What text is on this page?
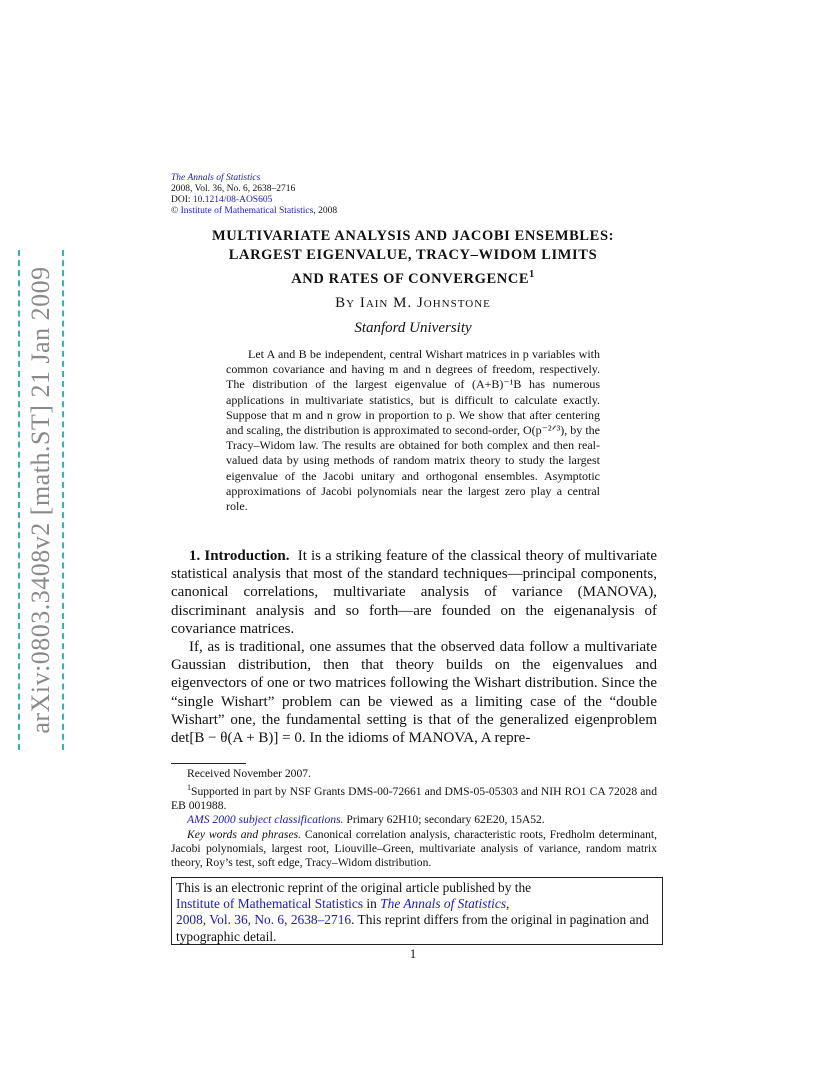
arXiv:0803.3408v2 [math.ST] 21 Jan 2009
The Annals of Statistics
2008, Vol. 36, No. 6, 2638–2716
DOI: 10.1214/08-AOS605
© Institute of Mathematical Statistics, 2008
MULTIVARIATE ANALYSIS AND JACOBI ENSEMBLES:
LARGEST EIGENVALUE, TRACY–WIDOM LIMITS
AND RATES OF CONVERGENCE$^1$
By Iain M. Johnstone
Stanford University
Let A and B be independent, central Wishart matrices in p variables with common covariance and having m and n degrees of freedom, respectively. The distribution of the largest eigenvalue of (A+B)⁻¹B has numerous applications in multivariate statistics, but is difficult to calculate exactly. Suppose that m and n grow in proportion to p. We show that after centering and scaling, the distribution is approximated to second-order, O(p⁻²ᐟ³), by the Tracy–Widom law. The results are obtained for both complex and then real-valued data by using methods of random matrix theory to study the largest eigenvalue of the Jacobi unitary and orthogonal ensembles. Asymptotic approximations of Jacobi polynomials near the largest zero play a central role.

1. Introduction. It is a striking feature of the classical theory of multivariate statistical analysis that most of the standard techniques—principal components, canonical correlations, multivariate analysis of variance (MANOVA), discriminant analysis and so forth—are founded on the eigenanalysis of covariance matrices.

If, as is traditional, one assumes that the observed data follow a multivariate Gaussian distribution, then that theory builds on the eigenvalues and eigenvectors of one or two matrices following the Wishart distribution. Since the “single Wishart” problem can be viewed as a limiting case of the “double Wishart” one, the fundamental setting is that of the generalized eigenproblem det[B − θ(A + B)] = 0. In the idioms of MANOVA, A repre-

Received November 2007.

$^1$Supported in part by NSF Grants DMS-00-72661 and DMS-05-05303 and NIH RO1 CA 72028 and EB 001988.

AMS 2000 subject classifications. Primary 62H10; secondary 62E20, 15A52.

Key words and phrases. Canonical correlation analysis, characteristic roots, Fredholm determinant, Jacobi polynomials, largest root, Liouville–Green, multivariate analysis of variance, random matrix theory, Roy’s test, soft edge, Tracy–Widom distribution.

This is an electronic reprint of the original article published by the
Institute of Mathematical Statistics in The Annals of Statistics,
2008, Vol. 36, No. 6, 2638–2716. This reprint differs from the original in pagination and typographic detail.
1
